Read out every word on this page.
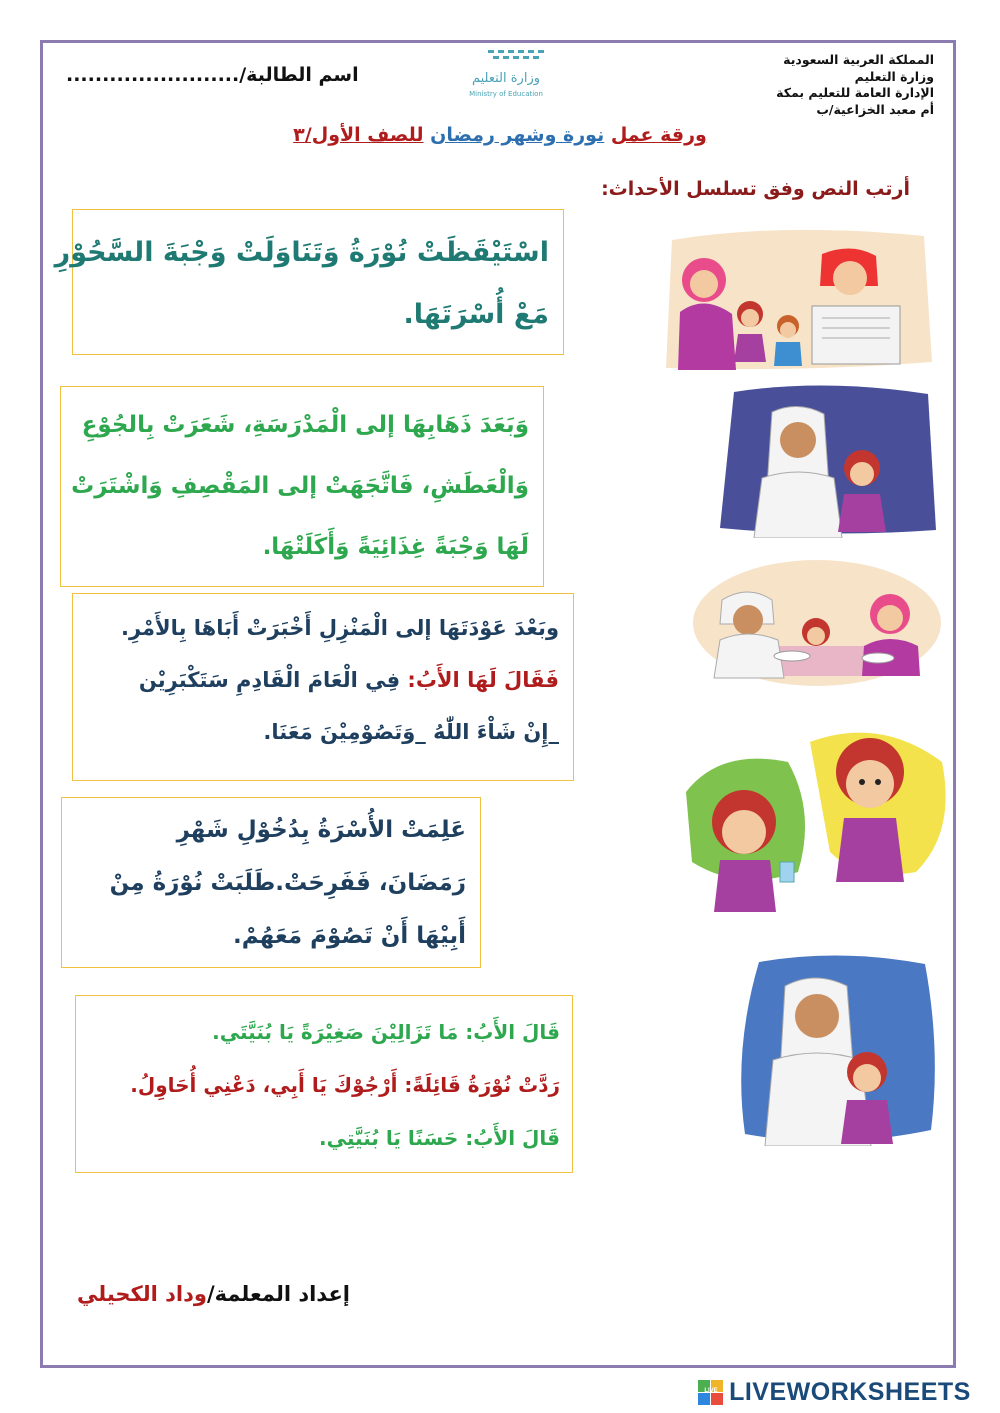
المملكة العربية السعودية
وزارة التعليم
الإدارة العامة للتعليم بمكة
أم معبد الخزاعية/ب
وزارة التعليم
Ministry of Education
........................اسم الطالبة/
ورقة عمل نورة وشهر رمضان للصف الأول/٣
أرتب النص وفق تسلسل الأحداث:

اسْتَيْقَظَتْ نُوْرَةُ وَتَنَاوَلَتْ وَجْبَةَ السَّحُوْرِ

مَعْ أُسْرَتَهَا.

وَبَعَدَ ذَهَابِهَا إلى الْمَدْرَسَةِ، شَعَرَتْ بِالجُوْعِ

وَالْعَطَشِ، فَاتَّجَهَتْ إلى المَقْصِفِ وَاشْتَرَتْ

لَهَا وَجْبَةً غِذَائِيَةً وَأَكَلَتْهَا.

وبَعْدَ عَوْدَتَهَا إلى الْمَنْزِلِ أَخْبَرَتْ أَبَاهَا بِالأَمْرِ.

فَقَالَ لَهَا الأَبُ: فِي الْعَامَ الْقَادِمِ سَتَكْبَرِيْن

_إِنْ شَاْءَ اللّٰهُ _وَتَصُوْمِيْنَ مَعَنَا.

عَلِمَتْ الأُسْرَةُ بِدُخُوْلِ شَهْرِ

رَمَضَانَ، فَفَرِحَتْ.طَلَبَتْ نُوْرَةُ مِنْ

أَبِيْهَا أَنْ تَصُوْمَ مَعَهُمْ.

قَالَ الأَبُ: مَا تَزَالِيْنَ صَغِيْرَةً يَا بُنَيَّتَي.

رَدَّتْ نُوْرَةُ قَائِلَةً: أَرْجُوْكَ يَا أَبِي، دَعْنِي أُحَاوِلُ.

قَالَ الأَبُ: حَسَنًا يَا بُنَيَّتِي.

إعداد المعلمة/وداد الكحيلي
LIVE LIVEWORKSHEETS
